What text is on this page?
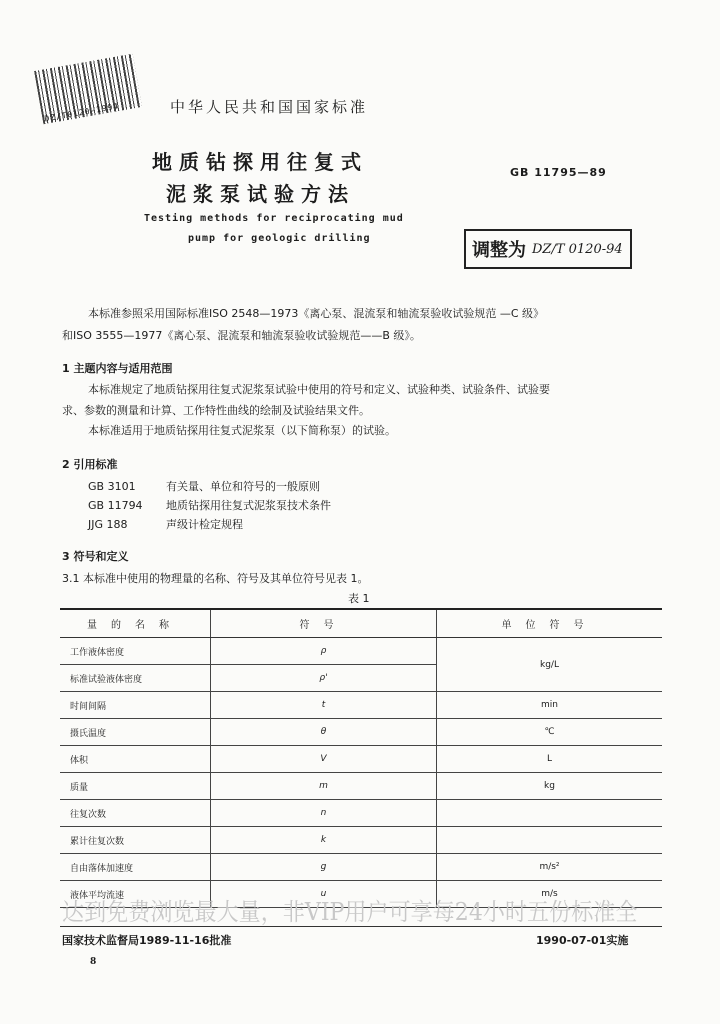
DZ/T0120-1994	中华人民共和国国家标准
地质钻探用往复式
泥浆泵试验方法
GB 11795—89
Testing methods for reciprocating mud
pump for geologic drilling
调整为 DZ/T 0120-94
本标准参照采用国际标准ISO 2548—1973《离心泵、混流泵和轴流泵验收试验规范 —C 级》
和ISO 3555—1977《离心泵、混流泵和轴流泵验收试验规范——B 级》。
1 主题内容与适用范围
本标准规定了地质钻探用往复式泥浆泵试验中使用的符号和定义、试验种类、试验条件、试验要
求、参数的测量和计算、工作特性曲线的绘制及试验结果文件。
本标准适用于地质钻探用往复式泥浆泵（以下简称泵）的试验。
2 引用标准
GB 3101	有关量、单位和符号的一般原则
GB 11794 地质钻探用往复式泥浆泵技术条件
JJG 188	声级计检定规程
3 符号和定义
3.1 本标准中使用的物理量的名称、符号及其单位符号见表 1。
表 1
量的名称	符号	单位符号
工作液体密度	ρ	kg/L
标准试验液体密度	ρ'	
时间间隔	t	min
摄氏温度	θ	℃
体积	V	L
质量	m	kg
往复次数	n	
累计往复次数	k	
自由落体加速度	g	m/s²
液体平均流速	u	m/s
达到免费浏览最大量，非VIP用户可享每24小时五份标准全
国家技术监督局1989-11-16批准	1990-07-01实施
8
